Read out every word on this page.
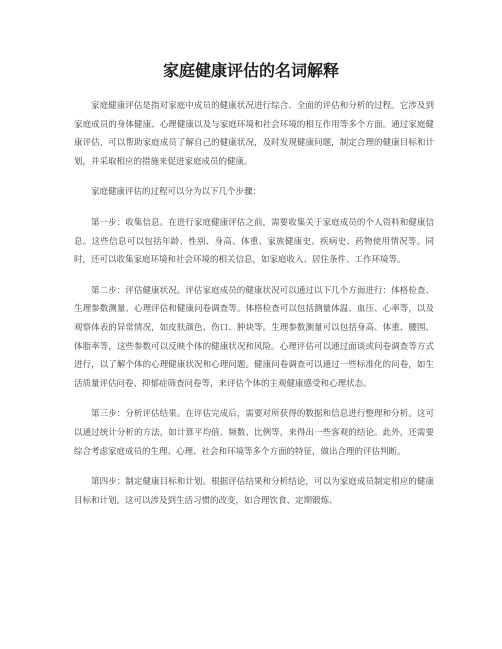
家庭健康评估的名词解释

家庭健康评估是指对家庭中成员的健康状况进行综合、全面的评估和分析的过程。它涉及到家庭成员的身体健康、心理健康以及与家庭环境和社会环境的相互作用等多个方面。通过家庭健康评估，可以帮助家庭成员了解自己的健康状况，及时发现健康问题，制定合理的健康目标和计划，并采取相应的措施来促进家庭成员的健康。

家庭健康评估的过程可以分为以下几个步骤：

第一步：收集信息。在进行家庭健康评估之前，需要收集关于家庭成员的个人资料和健康信息。这些信息可以包括年龄、性别、身高、体重、家族健康史、疾病史、药物使用情况等。同时，还可以收集家庭环境和社会环境的相关信息，如家庭收入、居住条件、工作环境等。

第二步：评估健康状况。评估家庭成员的健康状况可以通过以下几个方面进行：体格检查、生理参数测量、心理评估和健康问卷调查等。体格检查可以包括测量体温、血压、心率等，以及观察体表的异常情况，如皮肤颜色、伤口、肿块等。生理参数测量可以包括身高、体重、腰围、体脂率等，这些参数可以反映个体的健康状况和风险。心理评估可以通过面谈或问卷调查等方式进行，以了解个体的心理健康状况和心理问题。健康问卷调查可以通过一些标准化的问卷，如生活质量评估问卷、抑郁症筛查问卷等，来评估个体的主观健康感受和心理状态。

第三步：分析评估结果。在评估完成后，需要对所获得的数据和信息进行整理和分析。这可以通过统计分析的方法，如计算平均值、频数、比例等，来得出一些客观的结论。此外，还需要综合考虑家庭成员的生理、心理、社会和环境等多个方面的特征，做出合理的评估判断。

第四步：制定健康目标和计划。根据评估结果和分析结论，可以为家庭成员制定相应的健康目标和计划。这可以涉及到生活习惯的改变，如合理饮食、定期锻炼、
